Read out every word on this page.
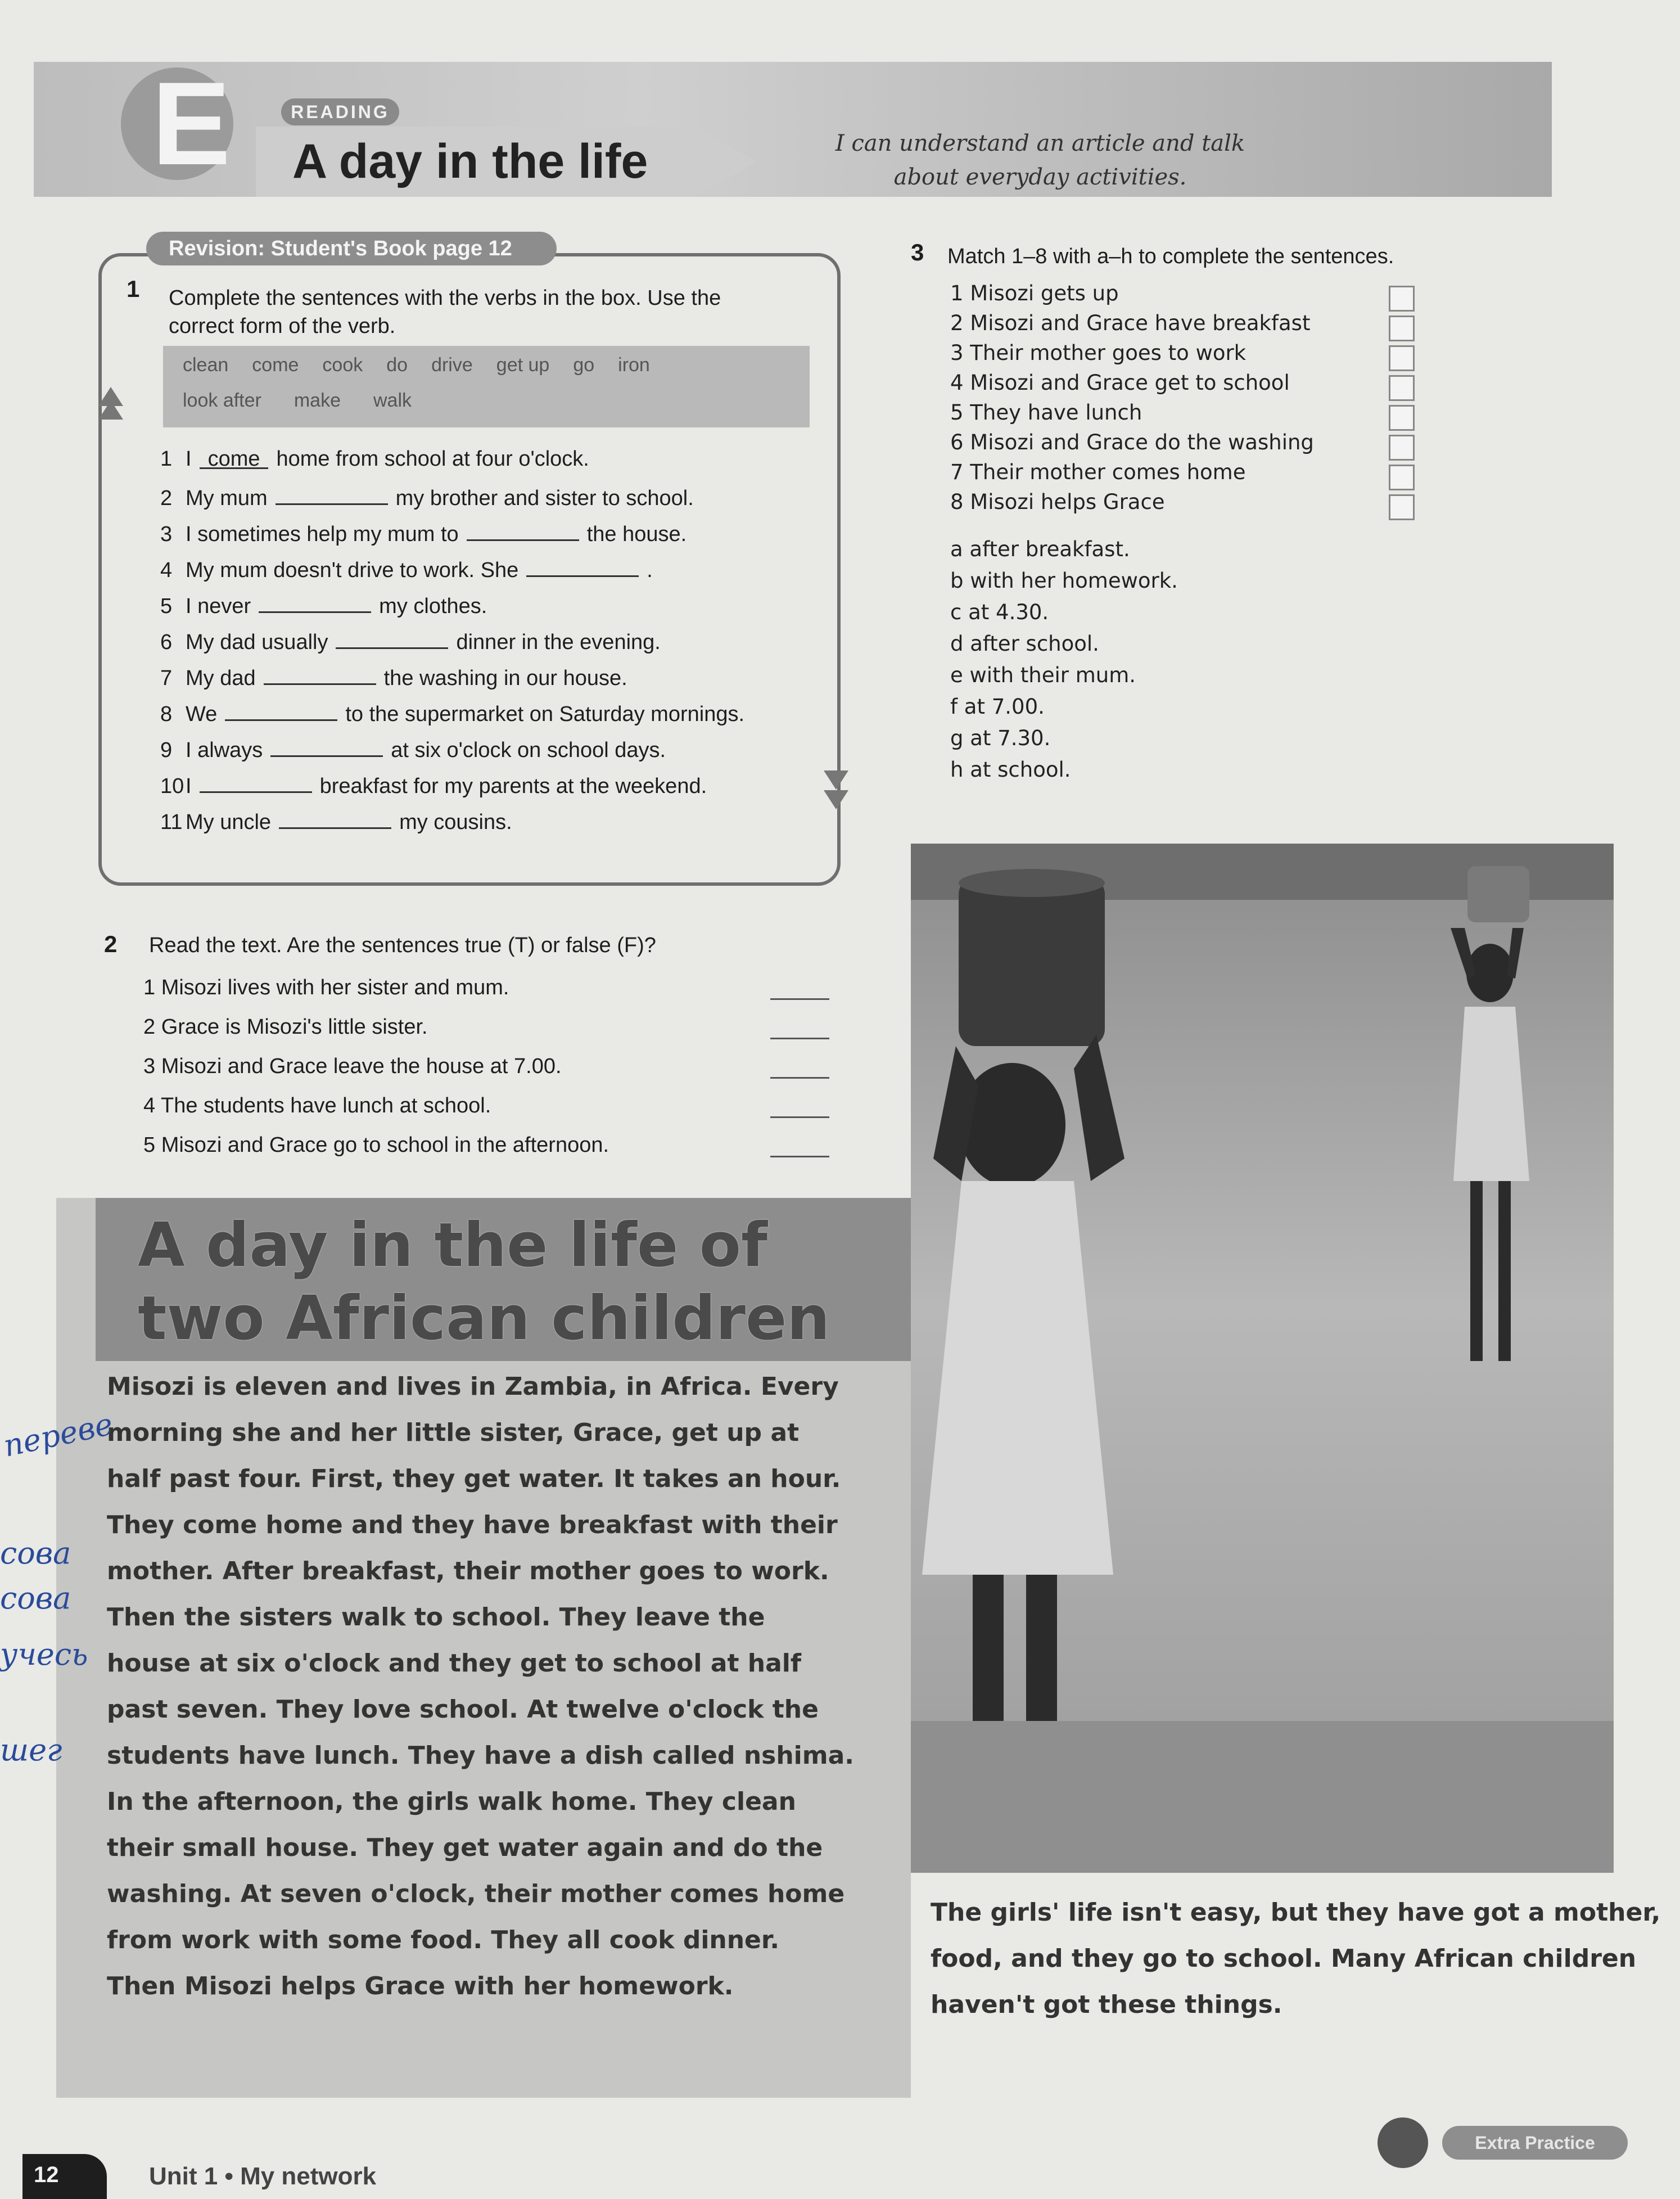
E	READING
A day in the life	I can understand an article and talk
about everyday activities.
Revision: Student's Book page 12
1 Complete the sentences with the verbs in the box. Use the
correct form of the verb.
clean come cook do drive get up go iron
look after make walk
1 I come home from school at four o'clock.
2 My mum	my brother and sister to school.
3 I sometimes help my mum to	the house.
4 My mum doesn't drive to work. She	.
5 I never	my clothes.
6 My dad usually	dinner in the evening.
7 My dad	the washing in our house.
8 We	to the supermarket on Saturday mornings.
9 I always	at six o'clock on school days.
10I	breakfast for my parents at the weekend.
11 My uncle	my cousins.
3 Match 1–8 with a–h to complete the sentences.
1 Misozi gets up
2 Misozi and Grace have breakfast
3 Their mother goes to work
4 Misozi and Grace get to school
5 They have lunch
6 Misozi and Grace do the washing
7 Their mother comes home
8 Misozi helps Grace
a after breakfast.
b with her homework.
c at 4.30.
d after school.
e with their mum.
f at 7.00.
g at 7.30.
h at school.
2 Read the text. Are the sentences true (T) or false (F)?
1 Misozi lives with her sister and mum.
2 Grace is Misozi's little sister.
3 Misozi and Grace leave the house at 7.00.
4 The students have lunch at school.
5 Misozi and Grace go to school in the afternoon.
A day in the life of
two African children
Misozi is eleven and lives in Zambia, in Africa. Every
morning she and her little sister, Grace, get up at
half past four. First, they get water. It takes an hour.
They come home and they have breakfast with their
mother. After breakfast, their mother goes to work.
Then the sisters walk to school. They leave the
house at six o'clock and they get to school at half
past seven. They love school. At twelve o'clock the
students have lunch. They have a dish called nshima.
In the afternoon, the girls walk home. They clean
their small house. They get water again and do the
washing. At seven o'clock, their mother comes home
from work with some food. They all cook dinner.
Then Misozi helps Grace with her homework.
The girls' life isn't easy, but they have got a mother,
food, and they go to school. Many African children
haven't got these things.
переве
сова
сова
учесь
шег
12	Unit 1 • My network
Extra Practice
